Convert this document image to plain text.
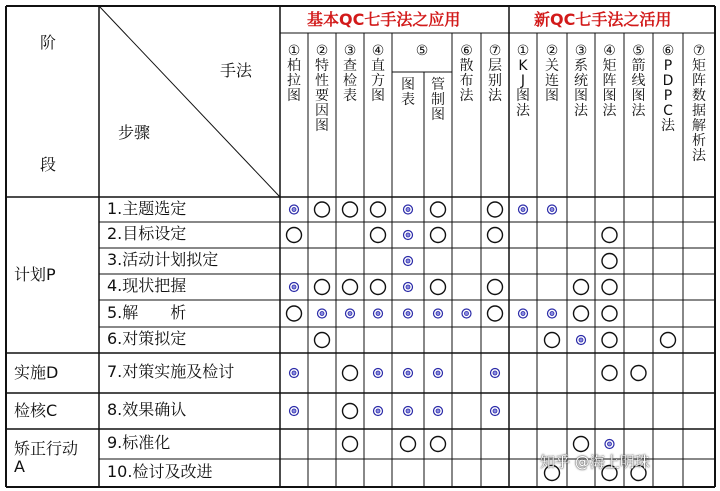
阶
段
手法
步骤
基本QC七手法之应用	新QC七手法之活用
①
柏
拉
图
②
特
性
要
因
图
③
查
检
表
④
直
方
图
⑤
图
表
管
制
图
⑥
散
布
法
⑦
层
别
法
①
K
J
图
法
②
关
连
图
③
系
统
图
法
④
矩
阵
图
法
⑤
箭
线
图
法
⑥
P
D
P
C
法
⑦
矩
阵
数
据
解
析
法
计划P
实施D
检核C
矫正行动A
1.主题选定
2.目标设定
3.活动计划拟定
4.现状把握
5.解　　析
6.对策拟定
7.对策实施及检讨
8.效果确认
9.标准化
10.检讨及改进	知乎 @海上明珠
